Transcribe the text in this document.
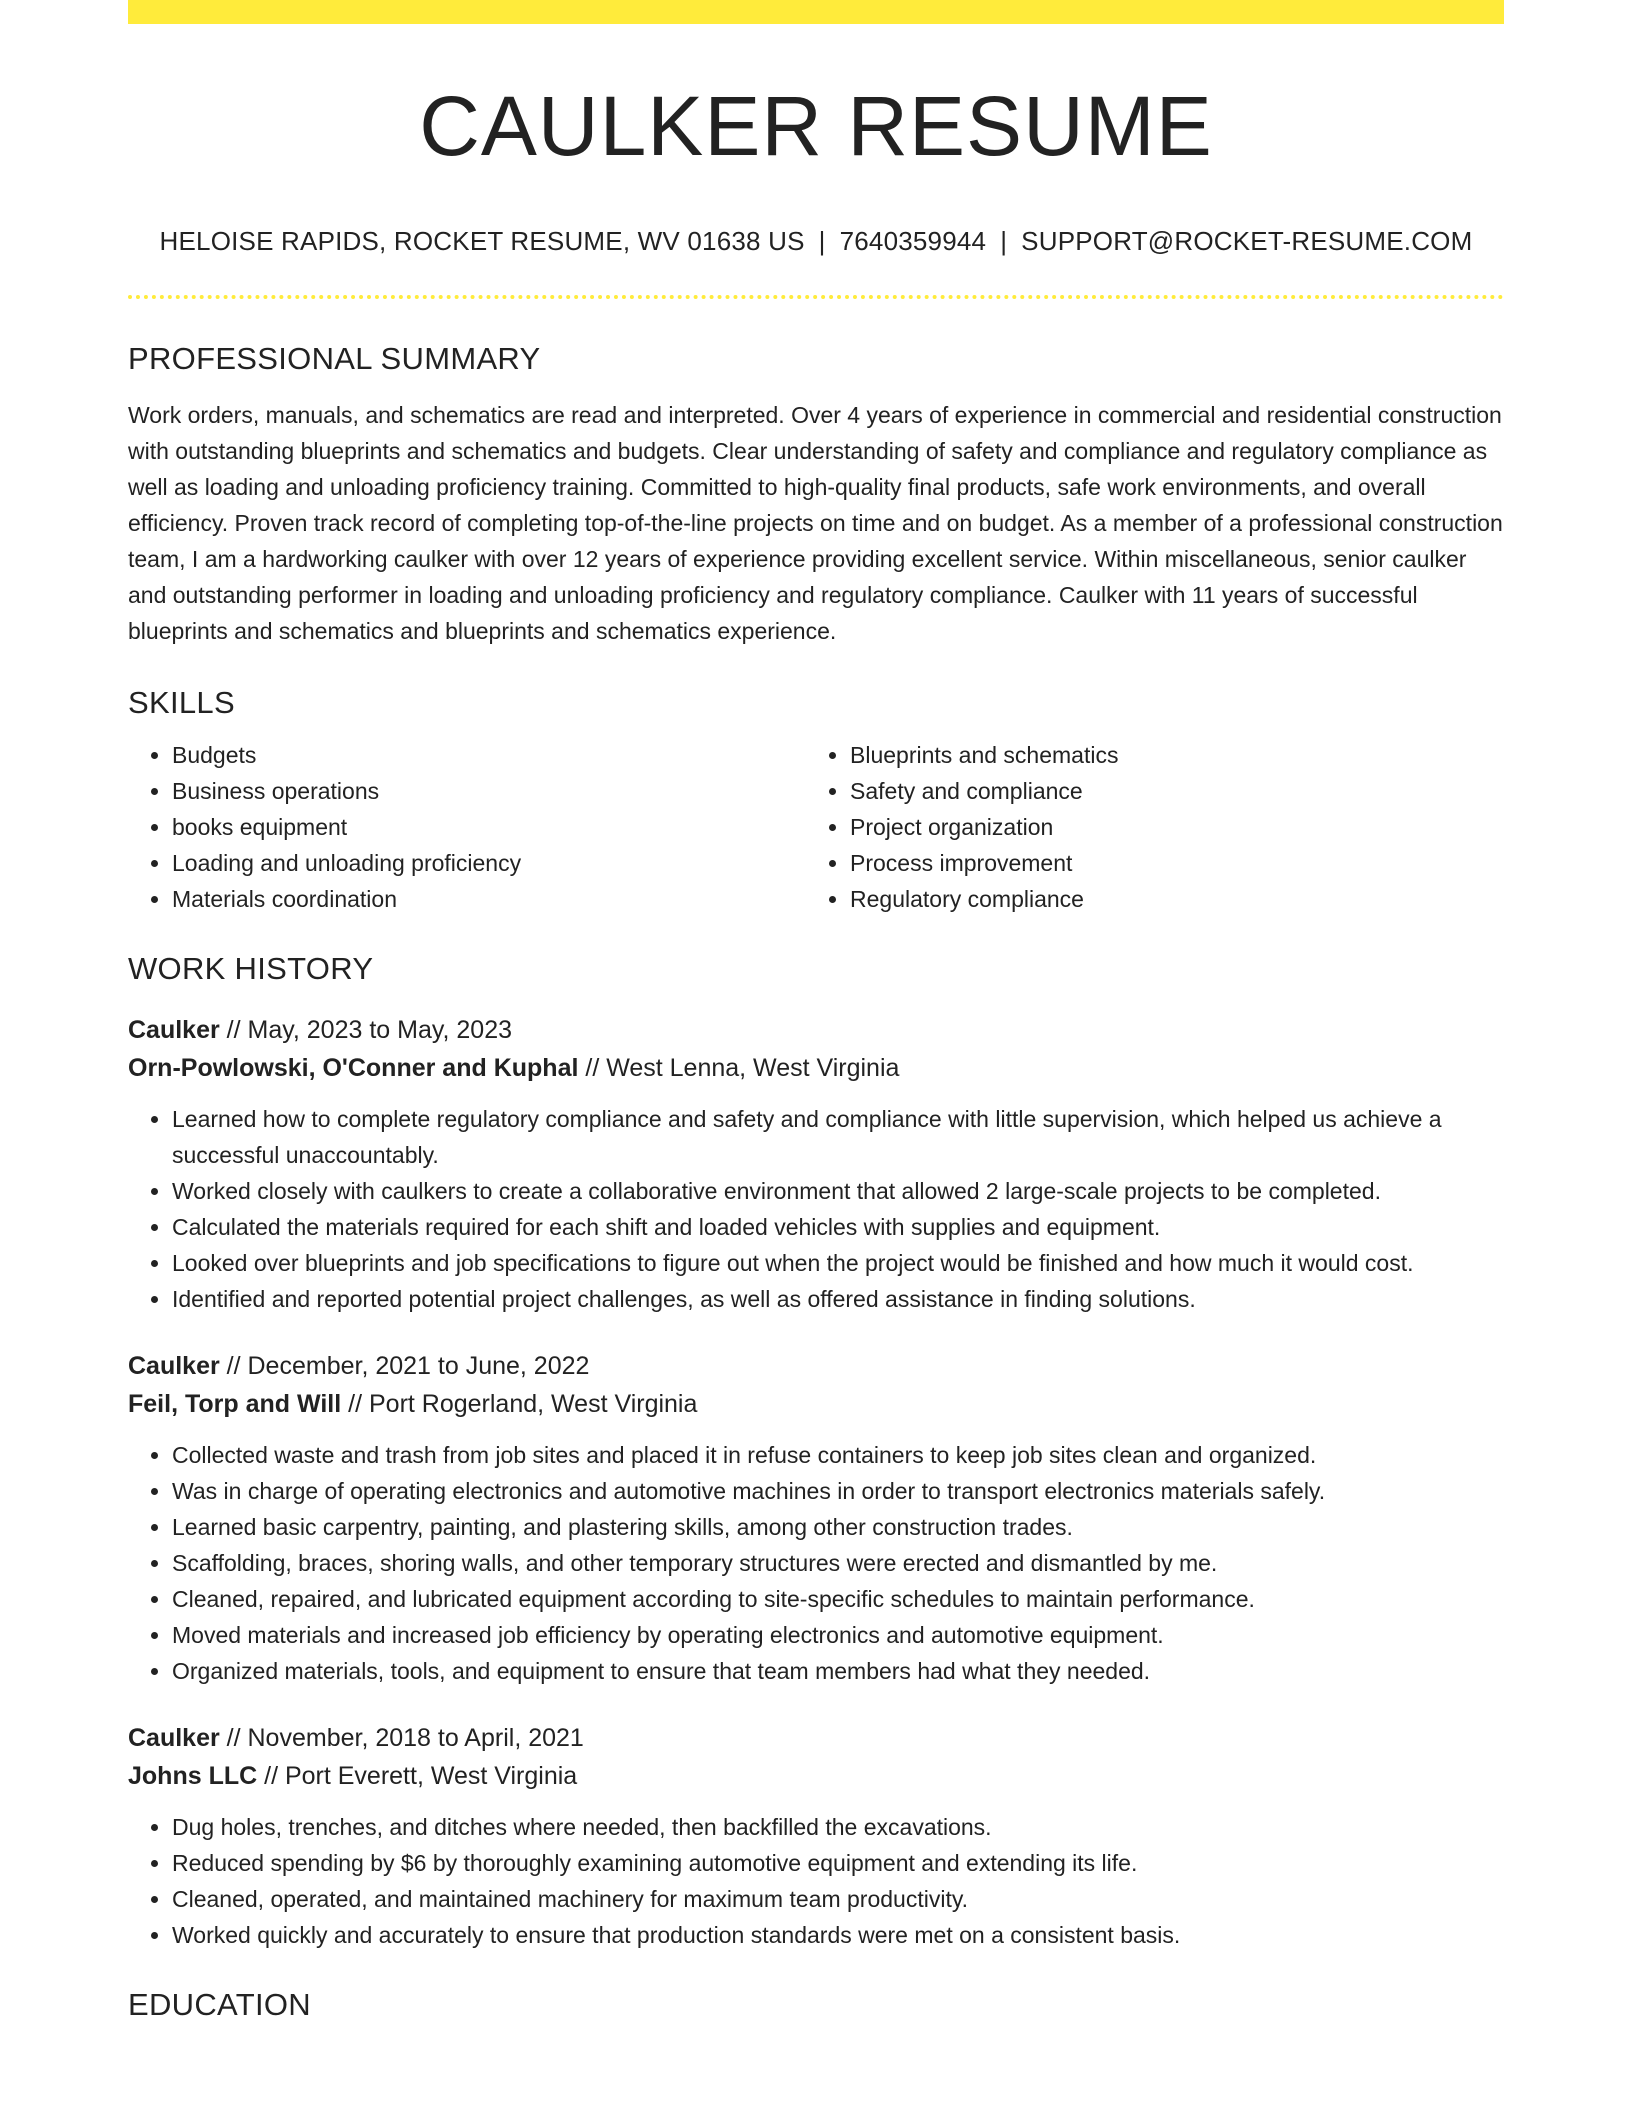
CAULKER RESUME
HELOISE RAPIDS, ROCKET RESUME, WV 01638 US | 7640359944 | SUPPORT@ROCKET-RESUME.COM
PROFESSIONAL SUMMARY

Work orders, manuals, and schematics are read and interpreted. Over 4 years of experience in commercial and residential construction with outstanding blueprints and schematics and budgets. Clear understanding of safety and compliance and regulatory compliance as well as loading and unloading proficiency training. Committed to high-quality final products, safe work environments, and overall efficiency. Proven track record of completing top-of-the-line projects on time and on budget. As a member of a professional construction team, I am a hardworking caulker with over 12 years of experience providing excellent service. Within miscellaneous, senior caulker and outstanding performer in loading and unloading proficiency and regulatory compliance. Caulker with 11 years of successful blueprints and schematics and blueprints and schematics experience.

SKILLS
• Budgets
• Business operations
• books equipment
• Loading and unloading proficiency
• Materials coordination
• Blueprints and schematics
• Safety and compliance
• Project organization
• Process improvement
• Regulatory compliance
WORK HISTORY
Caulker // May, 2023 to May, 2023
Orn-Powlowski, O'Conner and Kuphal // West Lenna, West Virginia
• Learned how to complete regulatory compliance and safety and compliance with little supervision, which helped us achieve a successful unaccountably.
• Worked closely with caulkers to create a collaborative environment that allowed 2 large-scale projects to be completed.
• Calculated the materials required for each shift and loaded vehicles with supplies and equipment.
• Looked over blueprints and job specifications to figure out when the project would be finished and how much it would cost.
• Identified and reported potential project challenges, as well as offered assistance in finding solutions.
Caulker // December, 2021 to June, 2022
Feil, Torp and Will // Port Rogerland, West Virginia
• Collected waste and trash from job sites and placed it in refuse containers to keep job sites clean and organized.
• Was in charge of operating electronics and automotive machines in order to transport electronics materials safely.
• Learned basic carpentry, painting, and plastering skills, among other construction trades.
• Scaffolding, braces, shoring walls, and other temporary structures were erected and dismantled by me.
• Cleaned, repaired, and lubricated equipment according to site-specific schedules to maintain performance.
• Moved materials and increased job efficiency by operating electronics and automotive equipment.
• Organized materials, tools, and equipment to ensure that team members had what they needed.
Caulker // November, 2018 to April, 2021
Johns LLC // Port Everett, West Virginia
• Dug holes, trenches, and ditches where needed, then backfilled the excavations.
• Reduced spending by $6 by thoroughly examining automotive equipment and extending its life.
• Cleaned, operated, and maintained machinery for maximum team productivity.
• Worked quickly and accurately to ensure that production standards were met on a consistent basis.
EDUCATION
